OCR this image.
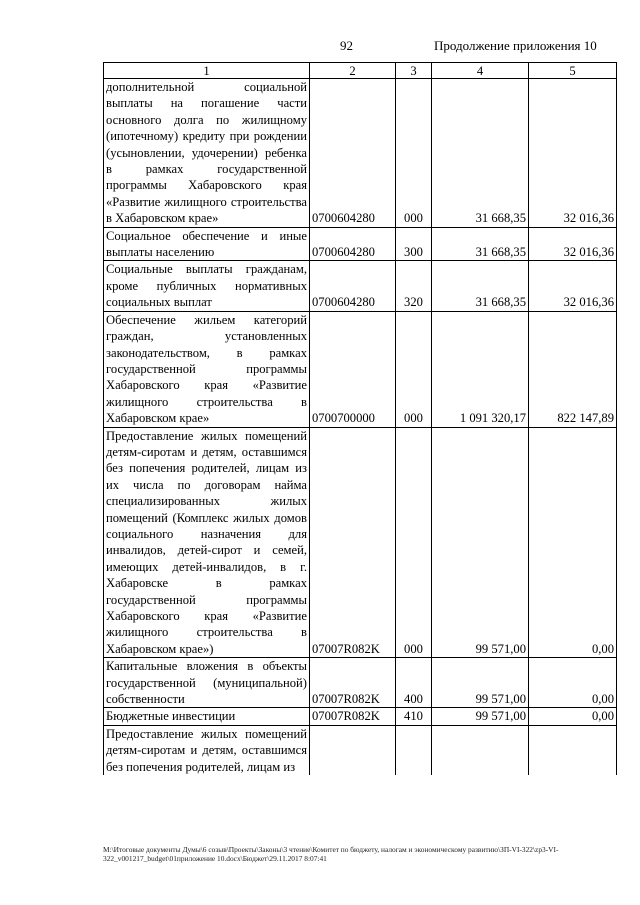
92	Продолжение приложения 10
1	2	3	4	5
дополнительной социальной выплаты на погашение части основного долга по жилищному (ипотечному) кредиту при рождении (усыновлении, удочерении) ребенка в рамках государственной программы Хабаровского края «Развитие жилищного строительства в Хабаровском крае»	0700604280	000	31 668,35	32 016,36
Социальное обеспечение и иные выплаты населению	0700604280	300	31 668,35	32 016,36
Социальные выплаты гражданам, кроме публичных нормативных социальных выплат	0700604280	320	31 668,35	32 016,36
Обеспечение жильем категорий граждан, установленных законодательством, в рамках государственной программы Хабаровского края «Развитие жилищного строительства в Хабаровском крае»	0700700000	000	1 091 320,17	822 147,89
Предоставление жилых помещений детям-сиротам и детям, оставшимся без попечения родителей, лицам из их числа по договорам найма специализированных жилых помещений (Комплекс жилых домов социального назначения для инвалидов, детей-сирот и семей, имеющих детей-инвалидов, в г. Хабаровске в рамках государственной программы Хабаровского края «Развитие жилищного строительства в Хабаровском крае»)	07007R082K	000	99 571,00	0,00
Капитальные вложения в объекты государственной (муниципальной) собственности	07007R082K	400	99 571,00	0,00
Бюджетные инвестиции	07007R082K	410	99 571,00	0,00
Предоставление жилых помещений детям-сиротам и детям, оставшимся без попечения родителей, лицам из				
М:\Итоговые документы Думы\6 созыв\Проекты\Законы\3 чтение\Комитет по бюджету, налогам и экономическому развитию\ЗП-VI-322\zp3-VI-322_v001217_budget\01приложение 10.docx\Бюджет\29.11.2017 8:07:41
